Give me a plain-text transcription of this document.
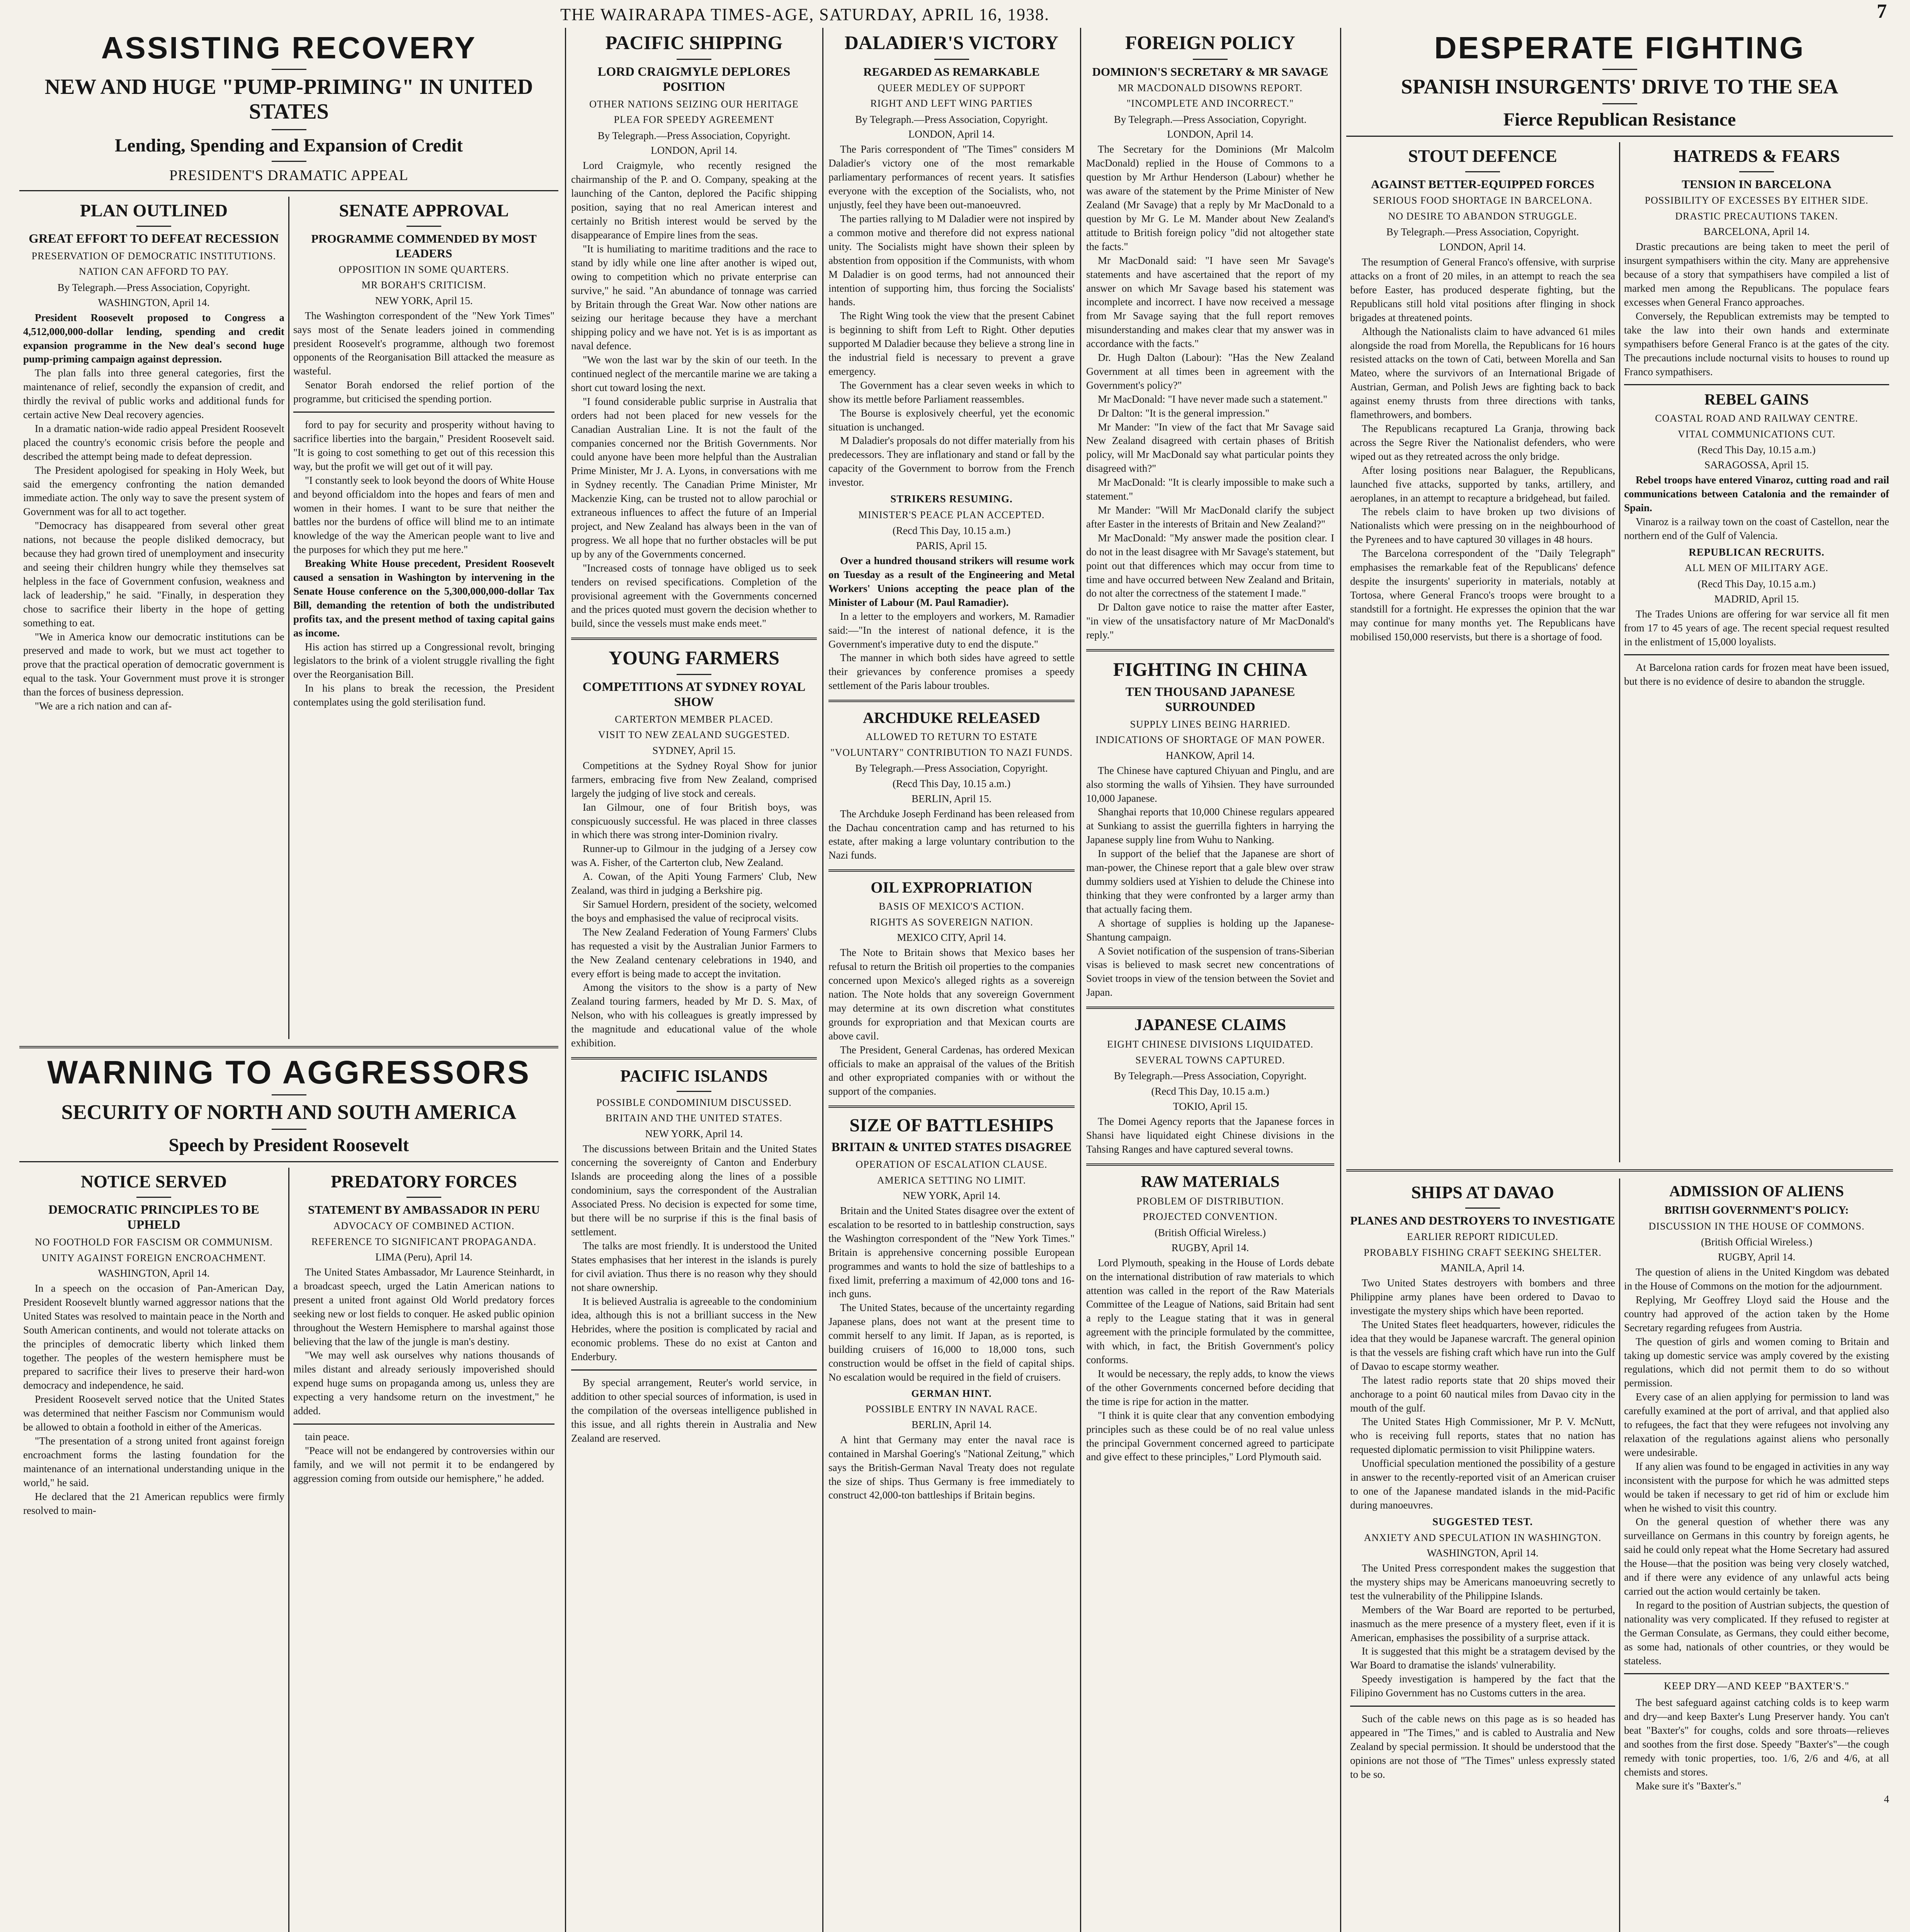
THE WAIRARAPA TIMES-AGE, SATURDAY, APRIL 16, 1938.	7
ASSISTING RECOVERY
NEW AND HUGE "PUMP-PRIMING" IN UNITED STATES
Lending, Spending and Expansion of Credit
PRESIDENT'S DRAMATIC APPEAL
PLAN OUTLINED
GREAT EFFORT TO DEFEAT RECESSION
PRESERVATION OF DEMOCRATIC INSTITUTIONS.
NATION CAN AFFORD TO PAY.
By Telegraph.—Press Association, Copyright.
WASHINGTON, April 14.

President Roosevelt proposed to Congress a 4,512,000,000-dollar lending, spending and credit expansion programme in the New deal's second huge pump-priming campaign against depression.

The plan falls into three general categories, first the maintenance of relief, secondly the expansion of credit, and thirdly the revival of public works and additional funds for certain active New Deal recovery agencies.

In a dramatic nation-wide radio appeal President Roosevelt placed the country's economic crisis before the people and described the attempt being made to defeat depression.

The President apologised for speaking in Holy Week, but said the emergency confronting the nation demanded immediate action. The only way to save the present system of Government was for all to act together.

"Democracy has disappeared from several other great nations, not because the people disliked democracy, but because they had grown tired of unemployment and insecurity and seeing their children hungry while they themselves sat helpless in the face of Government confusion, weakness and lack of leadership," he said. "Finally, in desperation they chose to sacrifice their liberty in the hope of getting something to eat.

"We in America know our democratic institutions can be preserved and made to work, but we must act together to prove that the practical operation of democratic government is equal to the task. Your Government must prove it is stronger than the forces of business depression.

"We are a rich nation and can af-

SENATE APPROVAL
PROGRAMME COMMENDED BY MOST LEADERS
OPPOSITION IN SOME QUARTERS.
MR BORAH'S CRITICISM.
NEW YORK, April 15.

The Washington correspondent of the "New York Times" says most of the Senate leaders joined in commending president Roosevelt's programme, although two foremost opponents of the Reorganisation Bill attacked the measure as wasteful.

Senator Borah endorsed the relief portion of the programme, but criticised the spending portion.

ford to pay for security and prosperity without having to sacrifice liberties into the bargain," President Roosevelt said. "It is going to cost something to get out of this recession this way, but the profit we will get out of it will pay.

"I constantly seek to look beyond the doors of White House and beyond officialdom into the hopes and fears of men and women in their homes. I want to be sure that neither the battles nor the burdens of office will blind me to an intimate knowledge of the way the American people want to live and the purposes for which they put me here."

Breaking White House precedent, President Roosevelt caused a sensation in Washington by intervening in the Senate House conference on the 5,300,000,000-dollar Tax Bill, demanding the retention of both the undistributed profits tax, and the present method of taxing capital gains as income.

His action has stirred up a Congressional revolt, bringing legislators to the brink of a violent struggle rivalling the fight over the Reorganisation Bill.

In his plans to break the recession, the President contemplates using the gold sterilisation fund.

WARNING TO AGGRESSORS
SECURITY OF NORTH AND SOUTH AMERICA
Speech by President Roosevelt
NOTICE SERVED
DEMOCRATIC PRINCIPLES TO BE UPHELD
NO FOOTHOLD FOR FASCISM OR COMMUNISM.
UNITY AGAINST FOREIGN ENCROACHMENT.
WASHINGTON, April 14.

In a speech on the occasion of Pan-American Day, President Roosevelt bluntly warned aggressor nations that the United States was resolved to maintain peace in the North and South American continents, and would not tolerate attacks on the principles of democratic liberty which linked them together. The peoples of the western hemisphere must be prepared to sacrifice their lives to preserve their hard-won democracy and independence, he said.

President Roosevelt served notice that the United States was determined that neither Fascism nor Communism would be allowed to obtain a foothold in either of the Americas.

"The presentation of a strong united front against foreign encroachment forms the lasting foundation for the maintenance of an international understanding unique in the world," he said.

He declared that the 21 American republics were firmly resolved to main-

PREDATORY FORCES
STATEMENT BY AMBASSADOR IN PERU
ADVOCACY OF COMBINED ACTION.
REFERENCE TO SIGNIFICANT PROPAGANDA.
LIMA (Peru), April 14.

The United States Ambassador, Mr Laurence Steinhardt, in a broadcast speech, urged the Latin American nations to present a united front against Old World predatory forces seeking new or lost fields to conquer. He asked public opinion throughout the Western Hemisphere to marshal against those believing that the law of the jungle is man's destiny.

"We may well ask ourselves why nations thousands of miles distant and already seriously impoverished should expend huge sums on propaganda among us, unless they are expecting a very handsome return on the investment," he added.

tain peace.

"Peace will not be endangered by controversies within our family, and we will not permit it to be endangered by aggression coming from outside our hemisphere," he added.

PACIFIC SHIPPING
LORD CRAIGMYLE DEPLORES POSITION
OTHER NATIONS SEIZING OUR HERITAGE
PLEA FOR SPEEDY AGREEMENT
By Telegraph.—Press Association, Copyright.
LONDON, April 14.

Lord Craigmyle, who recently resigned the chairmanship of the P. and O. Company, speaking at the launching of the Canton, deplored the Pacific shipping position, saying that no real American interest and certainly no British interest would be served by the disappearance of Empire lines from the seas.

"It is humiliating to maritime traditions and the race to stand by idly while one line after another is wiped out, owing to competition which no private enterprise can survive," he said. "An abundance of tonnage was carried by Britain through the Great War. Now other nations are seizing our heritage because they have a merchant shipping policy and we have not. Yet is is as important as naval defence.

"We won the last war by the skin of our teeth. In the continued neglect of the mercantile marine we are taking a short cut toward losing the next.

"I found considerable public surprise in Australia that orders had not been placed for new vessels for the Canadian Australian Line. It is not the fault of the companies concerned nor the British Governments. Nor could anyone have been more helpful than the Australian Prime Minister, Mr J. A. Lyons, in conversations with me in Sydney recently. The Canadian Prime Minister, Mr Mackenzie King, can be trusted not to allow parochial or extraneous influences to affect the future of an Imperial project, and New Zealand has always been in the van of progress. We all hope that no further obstacles will be put up by any of the Governments concerned.

"Increased costs of tonnage have obliged us to seek tenders on revised specifications. Completion of the provisional agreement with the Governments concerned and the prices quoted must govern the decision whether to build, since the vessels must make ends meet."

YOUNG FARMERS
COMPETITIONS AT SYDNEY ROYAL SHOW
CARTERTON MEMBER PLACED.
VISIT TO NEW ZEALAND SUGGESTED.
SYDNEY, April 15.

Competitions at the Sydney Royal Show for junior farmers, embracing five from New Zealand, comprised largely the judging of live stock and cereals.

Ian Gilmour, one of four British boys, was conspicuously successful. He was placed in three classes in which there was strong inter-Dominion rivalry.

Runner-up to Gilmour in the judging of a Jersey cow was A. Fisher, of the Carterton club, New Zealand.

A. Cowan, of the Apiti Young Farmers' Club, New Zealand, was third in judging a Berkshire pig.

Sir Samuel Hordern, president of the society, welcomed the boys and emphasised the value of reciprocal visits.

The New Zealand Federation of Young Farmers' Clubs has requested a visit by the Australian Junior Farmers to the New Zealand centenary celebrations in 1940, and every effort is being made to accept the invitation.

Among the visitors to the show is a party of New Zealand touring farmers, headed by Mr D. S. Max, of Nelson, who with his colleagues is greatly impressed by the magnitude and educational value of the whole exhibition.

PACIFIC ISLANDS
POSSIBLE CONDOMINIUM DISCUSSED.
BRITAIN AND THE UNITED STATES.
NEW YORK, April 14.

The discussions between Britain and the United States concerning the sovereignty of Canton and Enderbury Islands are proceeding along the lines of a possible condominium, says the correspondent of the Australian Associated Press. No decision is expected for some time, but there will be no surprise if this is the final basis of settlement.

The talks are most friendly. It is understood the United States emphasises that her interest in the islands is purely for civil aviation. Thus there is no reason why they should not share ownership.

It is believed Australia is agreeable to the condominium idea, although this is not a brilliant success in the New Hebrides, where the position is complicated by racial and economic problems. These do no exist at Canton and Enderbury.

By special arrangement, Reuter's world service, in addition to other special sources of information, is used in the compilation of the overseas intelligence published in this issue, and all rights therein in Australia and New Zealand are reserved.

DALADIER'S VICTORY
REGARDED AS REMARKABLE
QUEER MEDLEY OF SUPPORT
RIGHT AND LEFT WING PARTIES
By Telegraph.—Press Association, Copyright.
LONDON, April 14.

The Paris correspondent of "The Times" considers M Daladier's victory one of the most remarkable parliamentary performances of recent years. It satisfies everyone with the exception of the Socialists, who, not unjustly, feel they have been out-manoeuvred.

The parties rallying to M Daladier were not inspired by a common motive and therefore did not express national unity. The Socialists might have shown their spleen by abstention from opposition if the Communists, with whom M Daladier is on good terms, had not announced their intention of supporting him, thus forcing the Socialists' hands.

The Right Wing took the view that the present Cabinet is beginning to shift from Left to Right. Other deputies supported M Daladier because they believe a strong line in the industrial field is necessary to prevent a grave emergency.

The Government has a clear seven weeks in which to show its mettle before Parliament reassembles.

The Bourse is explosively cheerful, yet the economic situation is unchanged.

M Daladier's proposals do not differ materially from his predecessors. They are inflationary and stand or fall by the capacity of the Government to borrow from the French investor.

STRIKERS RESUMING.
MINISTER'S PEACE PLAN ACCEPTED.
(Recd This Day, 10.15 a.m.)
PARIS, April 15.

Over a hundred thousand strikers will resume work on Tuesday as a result of the Engineering and Metal Workers' Unions accepting the peace plan of the Minister of Labour (M. Paul Ramadier).

In a letter to the employers and workers, M. Ramadier said:—"In the interest of national defence, it is the Government's imperative duty to end the dispute."

The manner in which both sides have agreed to settle their grievances by conference promises a speedy settlement of the Paris labour troubles.

ARCHDUKE RELEASED
ALLOWED TO RETURN TO ESTATE
"VOLUNTARY" CONTRIBUTION TO NAZI FUNDS.
By Telegraph.—Press Association, Copyright.
(Recd This Day, 10.15 a.m.)
BERLIN, April 15.

The Archduke Joseph Ferdinand has been released from the Dachau concentration camp and has returned to his estate, after making a large voluntary contribution to the Nazi funds.

OIL EXPROPRIATION
BASIS OF MEXICO'S ACTION.
RIGHTS AS SOVEREIGN NATION.
MEXICO CITY, April 14.

The Note to Britain shows that Mexico bases her refusal to return the British oil properties to the companies concerned upon Mexico's alleged rights as a sovereign nation. The Note holds that any sovereign Government may determine at its own discretion what constitutes grounds for expropriation and that Mexican courts are above cavil.

The President, General Cardenas, has ordered Mexican officials to make an appraisal of the values of the British and other expropriated companies with or without the support of the companies.

SIZE OF BATTLESHIPS
BRITAIN & UNITED STATES DISAGREE
OPERATION OF ESCALATION CLAUSE.
AMERICA SETTING NO LIMIT.
NEW YORK, April 14.

Britain and the United States disagree over the extent of escalation to be resorted to in battleship construction, says the Washington correspondent of the "New York Times." Britain is apprehensive concerning possible European programmes and wants to hold the size of battleships to a fixed limit, preferring a maximum of 42,000 tons and 16-inch guns.

The United States, because of the uncertainty regarding Japanese plans, does not want at the present time to commit herself to any limit. If Japan, as is reported, is building cruisers of 16,000 to 18,000 tons, such construction would be offset in the field of capital ships. No escalation would be required in the field of cruisers.

GERMAN HINT.
POSSIBLE ENTRY IN NAVAL RACE.
BERLIN, April 14.

A hint that Germany may enter the naval race is contained in Marshal Goering's "National Zeitung," which says the British-German Naval Treaty does not regulate the size of ships. Thus Germany is free immediately to construct 42,000-ton battleships if Britain begins.

FOREIGN POLICY
DOMINION'S SECRETARY & MR SAVAGE
MR MACDONALD DISOWNS REPORT.
"INCOMPLETE AND INCORRECT."
By Telegraph.—Press Association, Copyright.
LONDON, April 14.

The Secretary for the Dominions (Mr Malcolm MacDonald) replied in the House of Commons to a question by Mr Arthur Henderson (Labour) whether he was aware of the statement by the Prime Minister of New Zealand (Mr Savage) that a reply by Mr MacDonald to a question by Mr G. Le M. Mander about New Zealand's attitude to British foreign policy "did not altogether state the facts."

Mr MacDonald said: "I have seen Mr Savage's statements and have ascertained that the report of my answer on which Mr Savage based his statement was incomplete and incorrect. I have now received a message from Mr Savage saying that the full report removes misunderstanding and makes clear that my answer was in accordance with the facts."

Dr. Hugh Dalton (Labour): "Has the New Zealand Government at all times been in agreement with the Government's policy?"

Mr MacDonald: "I have never made such a statement."

Dr Dalton: "It is the general impression."

Mr Mander: "In view of the fact that Mr Savage said New Zealand disagreed with certain phases of British policy, will Mr MacDonald say what particular points they disagreed with?"

Mr MacDonald: "It is clearly impossible to make such a statement."

Mr Mander: "Will Mr MacDonald clarify the subject after Easter in the interests of Britain and New Zealand?"

Mr MacDonald: "My answer made the position clear. I do not in the least disagree with Mr Savage's statement, but point out that differences which may occur from time to time and have occurred between New Zealand and Britain, do not alter the correctness of the statement I made."

Dr Dalton gave notice to raise the matter after Easter, "in view of the unsatisfactory nature of Mr MacDonald's reply."

FIGHTING IN CHINA
TEN THOUSAND JAPANESE SURROUNDED
SUPPLY LINES BEING HARRIED.
INDICATIONS OF SHORTAGE OF MAN POWER.
HANKOW, April 14.

The Chinese have captured Chiyuan and Pinglu, and are also storming the walls of Yihsien. They have surrounded 10,000 Japanese.

Shanghai reports that 10,000 Chinese regulars appeared at Sunkiang to assist the guerrilla fighters in harrying the Japanese supply line from Wuhu to Nanking.

In support of the belief that the Japanese are short of man-power, the Chinese report that a gale blew over straw dummy soldiers used at Yishien to delude the Chinese into thinking that they were confronted by a larger army than that actually facing them.

A shortage of supplies is holding up the Japanese-Shantung campaign.

A Soviet notification of the suspension of trans-Siberian visas is believed to mask secret new concentrations of Soviet troops in view of the tension between the Soviet and Japan.

JAPANESE CLAIMS
EIGHT CHINESE DIVISIONS LIQUIDATED.
SEVERAL TOWNS CAPTURED.
By Telegraph.—Press Association, Copyright.
(Recd This Day, 10.15 a.m.)
TOKIO, April 15.

The Domei Agency reports that the Japanese forces in Shansi have liquidated eight Chinese divisions in the Tahsing Ranges and have captured several towns.

RAW MATERIALS
PROBLEM OF DISTRIBUTION.
PROJECTED CONVENTION.
(British Official Wireless.)
RUGBY, April 14.

Lord Plymouth, speaking in the House of Lords debate on the international distribution of raw materials to which attention was called in the report of the Raw Materials Committee of the League of Nations, said Britain had sent a reply to the League stating that it was in general agreement with the principle formulated by the committee, with which, in fact, the British Government's policy conforms.

It would be necessary, the reply adds, to know the views of the other Governments concerned before deciding that the time is ripe for action in the matter.

"I think it is quite clear that any convention embodying principles such as these could be of no real value unless the principal Government concerned agreed to participate and give effect to these principles," Lord Plymouth said.

DESPERATE FIGHTING
SPANISH INSURGENTS' DRIVE TO THE SEA
Fierce Republican Resistance
STOUT DEFENCE
AGAINST BETTER-EQUIPPED FORCES
SERIOUS FOOD SHORTAGE IN BARCELONA.
NO DESIRE TO ABANDON STRUGGLE.
By Telegraph.—Press Association, Copyright.
LONDON, April 14.

The resumption of General Franco's offensive, with surprise attacks on a front of 20 miles, in an attempt to reach the sea before Easter, has produced desperate fighting, but the Republicans still hold vital positions after flinging in shock brigades at threatened points.

Although the Nationalists claim to have advanced 61 miles alongside the road from Morella, the Republicans for 16 hours resisted attacks on the town of Cati, between Morella and San Mateo, where the survivors of an International Brigade of Austrian, German, and Polish Jews are fighting back to back against enemy thrusts from three directions with tanks, flamethrowers, and bombers.

The Republicans recaptured La Granja, throwing back across the Segre River the Nationalist defenders, who were wiped out as they retreated across the only bridge.

After losing positions near Balaguer, the Republicans, launched five attacks, supported by tanks, artillery, and aeroplanes, in an attempt to recapture a bridgehead, but failed.

The rebels claim to have broken up two divisions of Nationalists which were pressing on in the neighbourhood of the Pyrenees and to have captured 30 villages in 48 hours.

The Barcelona correspondent of the "Daily Telegraph" emphasises the remarkable feat of the Republicans' defence despite the insurgents' superiority in materials, notably at Tortosa, where General Franco's troops were brought to a standstill for a fortnight. He expresses the opinion that the war may continue for many months yet. The Republicans have mobilised 150,000 reservists, but there is a shortage of food.

HATREDS & FEARS
TENSION IN BARCELONA
POSSIBILITY OF EXCESSES BY EITHER SIDE.
DRASTIC PRECAUTIONS TAKEN.
BARCELONA, April 14.

Drastic precautions are being taken to meet the peril of insurgent sympathisers within the city. Many are apprehensive because of a story that sympathisers have compiled a list of marked men among the Republicans. The populace fears excesses when General Franco approaches.

Conversely, the Republican extremists may be tempted to take the law into their own hands and exterminate sympathisers before General Franco is at the gates of the city. The precautions include nocturnal visits to houses to round up Franco sympathisers.

REBEL GAINS
COASTAL ROAD AND RAILWAY CENTRE.
VITAL COMMUNICATIONS CUT.
(Recd This Day, 10.15 a.m.)
SARAGOSSA, April 15.

Rebel troops have entered Vinaroz, cutting road and rail communications between Catalonia and the remainder of Spain.

Vinaroz is a railway town on the coast of Castellon, near the northern end of the Gulf of Valencia.

REPUBLICAN RECRUITS.
ALL MEN OF MILITARY AGE.
(Recd This Day, 10.15 a.m.)
MADRID, April 15.

The Trades Unions are offering for war service all fit men from 17 to 45 years of age. The recent special request resulted in the enlistment of 15,000 loyalists.

At Barcelona ration cards for frozen meat have been issued, but there is no evidence of desire to abandon the struggle.

SHIPS AT DAVAO
PLANES AND DESTROYERS TO INVESTIGATE
EARLIER REPORT RIDICULED.
PROBABLY FISHING CRAFT SEEKING SHELTER.
MANILA, April 14.

Two United States destroyers with bombers and three Philippine army planes have been ordered to Davao to investigate the mystery ships which have been reported.

The United States fleet headquarters, however, ridicules the idea that they would be Japanese warcraft. The general opinion is that the vessels are fishing craft which have run into the Gulf of Davao to escape stormy weather.

The latest radio reports state that 20 ships moved their anchorage to a point 60 nautical miles from Davao city in the mouth of the gulf.

The United States High Commissioner, Mr P. V. McNutt, who is receiving full reports, states that no nation has requested diplomatic permission to visit Philippine waters.

Unofficial speculation mentioned the possibility of a gesture in answer to the recently-reported visit of an American cruiser to one of the Japanese mandated islands in the mid-Pacific during manoeuvres.

SUGGESTED TEST.
ANXIETY AND SPECULATION IN WASHINGTON.
WASHINGTON, April 14.

The United Press correspondent makes the suggestion that the mystery ships may be Americans manoeuvring secretly to test the vulnerability of the Philippine Islands.

Members of the War Board are reported to be perturbed, inasmuch as the mere presence of a mystery fleet, even if it is American, emphasises the possibility of a surprise attack.

It is suggested that this might be a stratagem devised by the War Board to dramatise the islands' vulnerability.

Speedy investigation is hampered by the fact that the Filipino Government has no Customs cutters in the area.

Such of the cable news on this page as is so headed has appeared in "The Times," and is cabled to Australia and New Zealand by special permission. It should be understood that the opinions are not those of "The Times" unless expressly stated to be so.

ADMISSION OF ALIENS
BRITISH GOVERNMENT'S POLICY:
DISCUSSION IN THE HOUSE OF COMMONS.
(British Official Wireless.)
RUGBY, April 14.

The question of aliens in the United Kingdom was debated in the House of Commons on the motion for the adjournment.

Replying, Mr Geoffrey Lloyd said the House and the country had approved of the action taken by the Home Secretary regarding refugees from Austria.

The question of girls and women coming to Britain and taking up domestic service was amply covered by the existing regulations, which did not permit them to do so without permission.

Every case of an alien applying for permission to land was carefully examined at the port of arrival, and that applied also to refugees, the fact that they were refugees not involving any relaxation of the regulations against aliens who personally were undesirable.

If any alien was found to be engaged in activities in any way inconsistent with the purpose for which he was admitted steps would be taken if necessary to get rid of him or exclude him when he wished to visit this country.

On the general question of whether there was any surveillance on Germans in this country by foreign agents, he said he could only repeat what the Home Secretary had assured the House—that the position was being very closely watched, and if there were any evidence of any unlawful acts being carried out the action would certainly be taken.

In regard to the position of Austrian subjects, the question of nationality was very complicated. If they refused to register at the German Consulate, as Germans, they could either become, as some had, nationals of other countries, or they would be stateless.

KEEP DRY—AND KEEP "BAXTER'S."

The best safeguard against catching colds is to keep warm and dry—and keep Baxter's Lung Preserver handy. You can't beat "Baxter's" for coughs, colds and sore throats—relieves and soothes from the first dose. Speedy "Baxter's"—the cough remedy with tonic properties, too. 1/6, 2/6 and 4/6, at all chemists and stores.

Make sure it's "Baxter's."

4
